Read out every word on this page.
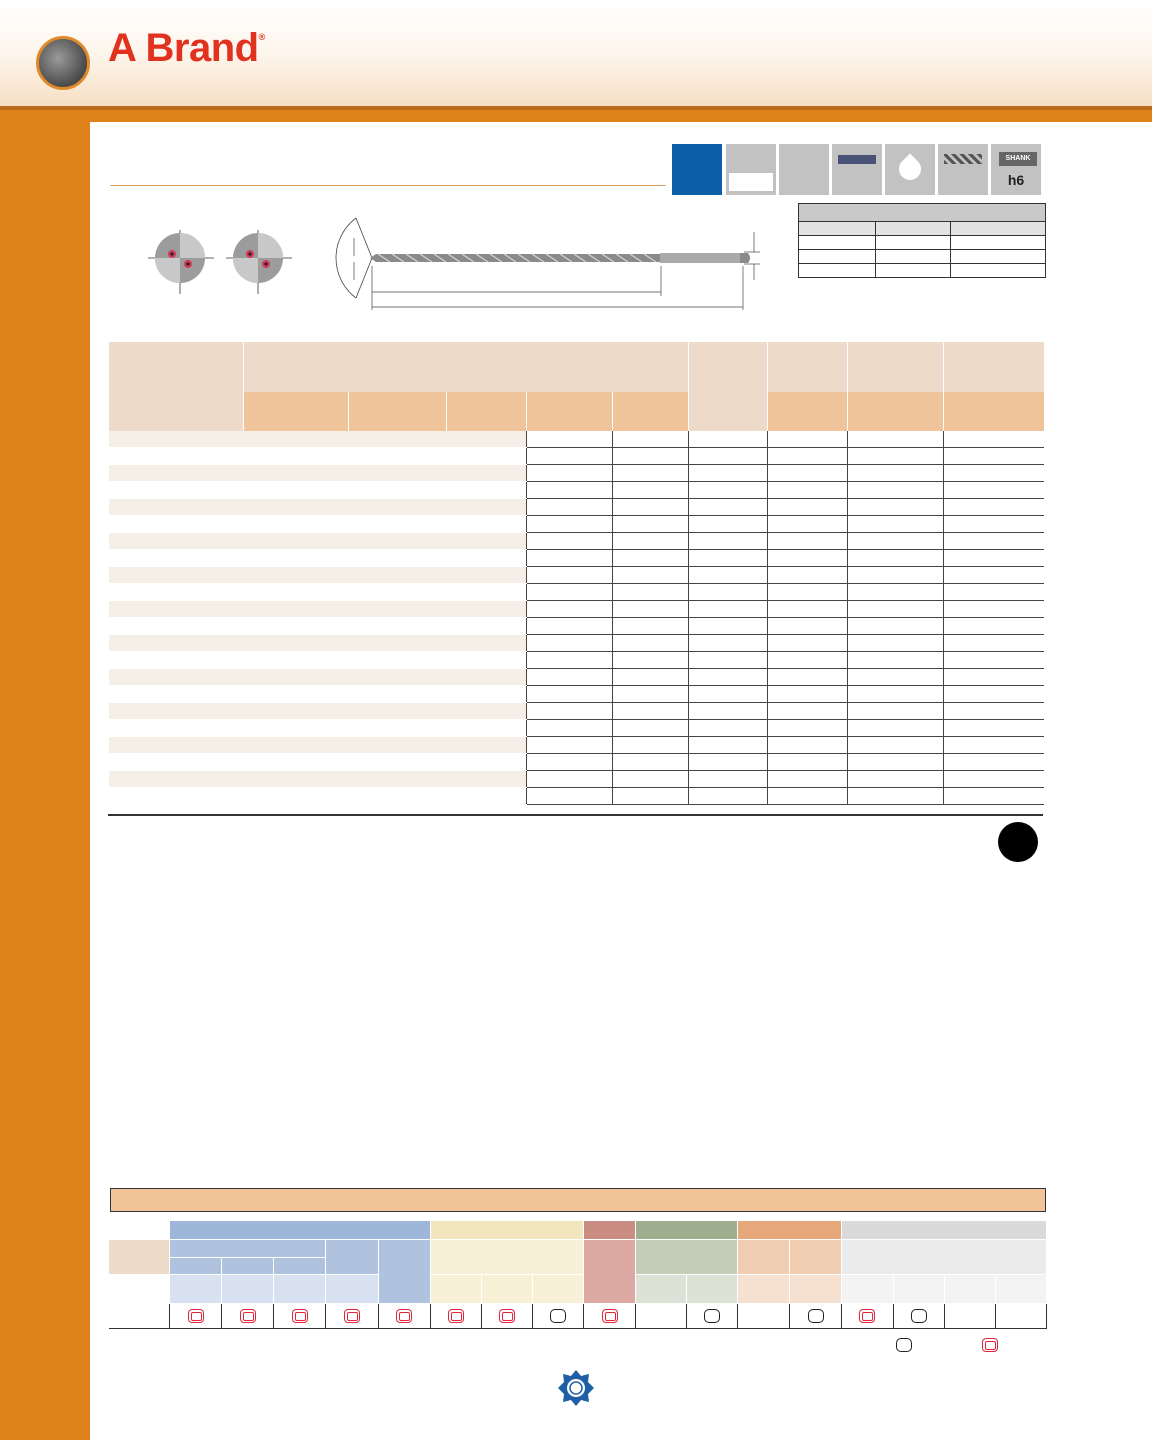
A Brand®
SHANK
h6
